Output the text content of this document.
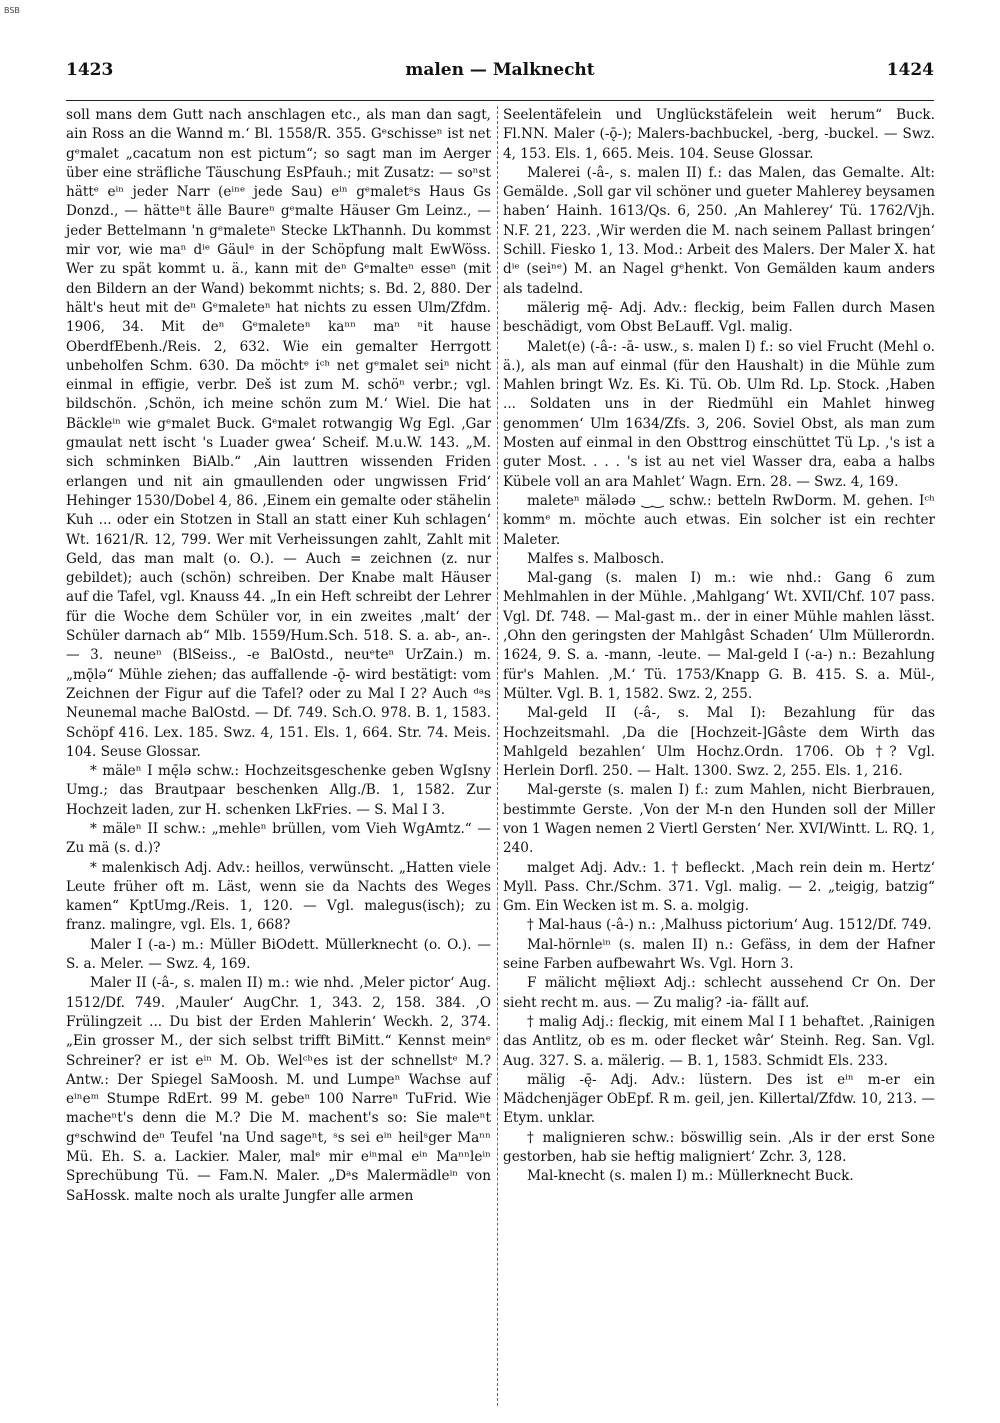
BSB
1423	malen — Malknecht	1424

soll mans dem Gutt nach anschlagen etc., als man dan sagt, ain Ross an die Wannd m.‘ Bl. 1558/R. 355. Gᵉschisseⁿ ist net gᵉmalet „cacatum non est pictum“; so sagt man im Aerger über eine sträfliche Täuschung EsPfauh.; mit Zusatz: — soⁿst hättᵉ eⁱⁿ jeder Narr (eⁱⁿᵉ jede Sau) eⁱⁿ gᵉmaletˢs Haus Gs Donzd., — hätteⁿt älle Baureⁿ gᵉmalte Häuser Gm Leinz., — jeder Bettelmann 'n gᵉmaleteⁿ Stecke LkThannh. Du kommst mir vor, wie maⁿ dⁱᵉ Gäulᵉ in der Schöpfung malt EwWöss. Wer zu spät kommt u. ä., kann mit deⁿ Gᵉmalteⁿ esseⁿ (mit den Bildern an der Wand) bekommt nichts; s. Bd. 2, 880. Der hält's heut mit deⁿ Gᵉmaleteⁿ hat nichts zu essen Ulm/Zfdm. 1906, 34. Mit deⁿ Gᵉmaleteⁿ kaⁿⁿ maⁿ ⁿit hause OberdfEbenh./Reis. 2, 632. Wie ein gemalter Herrgott unbeholfen Schm. 630. Da möchtᵉ iᶜʰ net gᵉmalet seiⁿ nicht einmal in effigie, verbr. Deš ist zum M. schöⁿ verbr.; vgl. bildschön. ‚Schön, ich meine schön zum M.‘ Wiel. Die hat Bäckleⁱⁿ wie gᵉmalet Buck. Gᵉmalet rotwangig Wg Egl. ‚Gar gmaulat nett ischt 's Luader gwea‘ Scheif. M.u.W. 143. „M. sich schminken BiAlb.“ ‚Ain lauttren wissenden Friden erlangen und nit ain gmaullenden oder ungwissen Frid‘ Hehinger 1530/Dobel 4, 86. ‚Einem ein gemalte oder stähelin Kuh ... oder ein Stotzen in Stall an statt einer Kuh schlagen‘ Wt. 1621/R. 12, 799. Wer mit Verheissungen zahlt, Zahlt mit Geld, das man malt (o. O.). — Auch = zeichnen (z. nur gebildet); auch (schön) schreiben. Der Knabe malt Häuser auf die Tafel, vgl. Knauss 44. „In ein Heft schreibt der Lehrer für die Woche dem Schüler vor, in ein zweites ‚malt‘ der Schüler darnach ab“ Mlb. 1559/Hum.Sch. 518. S. a. ab-, an-. — 3. neuneⁿ (BlSeiss., -e BalOstd., neuᵉteⁿ UrZain.) m. „mǭlə“ Mühle ziehen; das auffallende -ǭ- wird bestätigt: vom Zeichnen der Figur auf die Tafel? oder zu Mal I 2? Auch ᵈᵃs Neunemal mache BalOstd. — Df. 749. Sch.O. 978. B. 1, 1583. Schöpf 416. Lex. 185. Swz. 4, 151. Els. 1, 664. Str. 74. Meis. 104. Seuse Glossar.

* mäleⁿ I mę̄lə schw.: Hochzeitsgeschenke geben WgIsny Umg.; das Brautpaar beschenken Allg./B. 1, 1582. Zur Hochzeit laden, zur H. schenken LkFries. — S. Mal I 3.

* mäleⁿ II schw.: „mehleⁿ brüllen, vom Vieh WgAmtz.“ — Zu mä (s. d.)?

* malenkisch Adj. Adv.: heillos, verwünscht. „Hatten viele Leute früher oft m. Läst, wenn sie da Nachts des Weges kamen“ KptUmg./Reis. 1, 120. — Vgl. malegus(isch); zu franz. malingre, vgl. Els. 1, 668?

Maler I (-a-) m.: Müller BiOdett. Müllerknecht (o. O.). — S. a. Meler. — Swz. 4, 169.

Maler II (-â-, s. malen II) m.: wie nhd. ‚Meler pictor‘ Aug. 1512/Df. 749. ‚Mauler‘ AugChr. 1, 343. 2, 158. 384. ‚O Frülingzeit ... Du bist der Erden Mahlerin‘ Weckh. 2, 374. „Ein grosser M., der sich selbst trifft BiMitt.“ Kennst meinᵉ Schreiner? er ist eⁱⁿ M. Ob. Welᶜʰes ist der schnellstᵉ M.? Antw.: Der Spiegel SaMoosh. M. und Lumpeⁿ Wachse auf eⁱⁿeᵐ Stumpe RdErt. 99 M. gebeⁿ 100 Narreⁿ TuFrid. Wie macheⁿt's denn die M.? Die M. machent's so: Sie maleⁿt gᵉschwind deⁿ Teufel 'na Und sageⁿt, ˢs sei eⁱⁿ heilˢger Maⁿⁿ Mü. Eh. S. a. Lackier. Maler, malᵉ mir eⁱⁿmal eⁱⁿ Maⁿⁿleⁱⁿ Sprechübung Tü. — Fam.N. Maler. „Dᵃs Malermädleⁱⁿ von SaHossk. malte noch als uralte Jungfer alle armen

Seelentäfelein und Unglückstäfelein weit herum“ Buck. Fl.NN. Maler (-ǭ-); Malers-bachbuckel, -berg, -buckel. — Swz. 4, 153. Els. 1, 665. Meis. 104. Seuse Glossar.

Malerei (-â-, s. malen II) f.: das Malen, das Gemalte. Alt: Gemälde. ‚Soll gar vil schöner und gueter Mahlerey beysamen haben‘ Hainh. 1613/Qs. 6, 250. ‚An Mahlerey‘ Tü. 1762/Vjh. N.F. 21, 223. ‚Wir werden die M. nach seinem Pallast bringen‘ Schill. Fiesko 1, 13. Mod.: Arbeit des Malers. Der Maler X. hat dⁱᵉ (seiⁿᵉ) M. an Nagel gᵉhenkt. Von Gemälden kaum anders als tadelnd.

mälerig mę̄- Adj. Adv.: fleckig, beim Fallen durch Masen beschädigt, vom Obst BeLauff. Vgl. malig.

Malet(e) (-â-: -ā- usw., s. malen I) f.: so viel Frucht (Mehl o. ä.), als man auf einmal (für den Haushalt) in die Mühle zum Mahlen bringt Wz. Es. Ki. Tü. Ob. Ulm Rd. Lp. Stock. ‚Haben ... Soldaten uns in der Riedmühl ein Mahlet hinweg genommen‘ Ulm 1634/Zfs. 3, 206. Soviel Obst, als man zum Mosten auf einmal in den Obsttrog einschüttet Tü Lp. ‚'s ist a guter Most. . . . 's ist au net viel Wasser dra, eaba a halbs Kübele voll an ara Mahlet‘ Wagn. Ern. 28. — Swz. 4, 169.

maleteⁿ mälədə ‿‿ schw.: betteln RwDorm. M. gehen. Iᶜʰ kommᵉ m. möchte auch etwas. Ein solcher ist ein rechter Maleter.

Malfes s. Malbosch.

Mal-gang (s. malen I) m.: wie nhd.: Gang 6 zum Mehlmahlen in der Mühle. ‚Mahlgang‘ Wt. XVII/Chf. 107 pass. Vgl. Df. 748. — Mal-gast m.. der in einer Mühle mahlen lässt. ‚Ohn den geringsten der Mahlgâst Schaden‘ Ulm Müllerordn. 1624, 9. S. a. -mann, -leute. — Mal-geld I (-a-) n.: Bezahlung für's Mahlen. ‚M.‘ Tü. 1753/Knapp G. B. 415. S. a. Mül-, Mülter. Vgl. B. 1, 1582. Swz. 2, 255.

Mal-geld II (-â-, s. Mal I): Bezahlung für das Hochzeitsmahl. ‚Da die [Hochzeit-]Gâste dem Wirth das Mahlgeld bezahlen‘ Ulm Hochz.Ordn. 1706. Ob †? Vgl. Herlein Dorfl. 250. — Halt. 1300. Swz. 2, 255. Els. 1, 216.

Mal-gerste (s. malen I) f.: zum Mahlen, nicht Bierbrauen, bestimmte Gerste. ‚Von der M-n den Hunden soll der Miller von 1 Wagen nemen 2 Viertl Gersten‘ Ner. XVI/Wintt. L. RQ. 1, 240.

malget Adj. Adv.: 1. † befleckt. ‚Mach rein dein m. Hertz‘ Myll. Pass. Chr./Schm. 371. Vgl. malig. — 2. „teigig, batzig“ Gm. Ein Wecken ist m. S. a. molgig.

† Mal-haus (-â-) n.: ‚Malhuss pictorium‘ Aug. 1512/Df. 749.

Mal-hörnleⁱⁿ (s. malen II) n.: Gefäss, in dem der Hafner seine Farben aufbewahrt Ws. Vgl. Horn 3.

F mälicht mę̄liəxt Adj.: schlecht aussehend Cr On. Der sieht recht m. aus. — Zu malig? -ia- fällt auf.

† malig Adj.: fleckig, mit einem Mal I 1 behaftet. ‚Rainigen das Antlitz, ob es m. oder flecket wâr‘ Steinh. Reg. San. Vgl. Aug. 327. S. a. mälerig. — B. 1, 1583. Schmidt Els. 233.

mälig -ę̄- Adj. Adv.: lüstern. Des ist eⁱⁿ m-er ein Mädchenjäger ObEpf. R m. geil, jen. Killertal/Zfdw. 10, 213. — Etym. unklar.

† malignieren schw.: böswillig sein. ‚Als ir der erst Sone gestorben, hab sie heftig maligniert‘ Zchr. 3, 128.

Mal-knecht (s. malen I) m.: Müllerknecht Buck.
